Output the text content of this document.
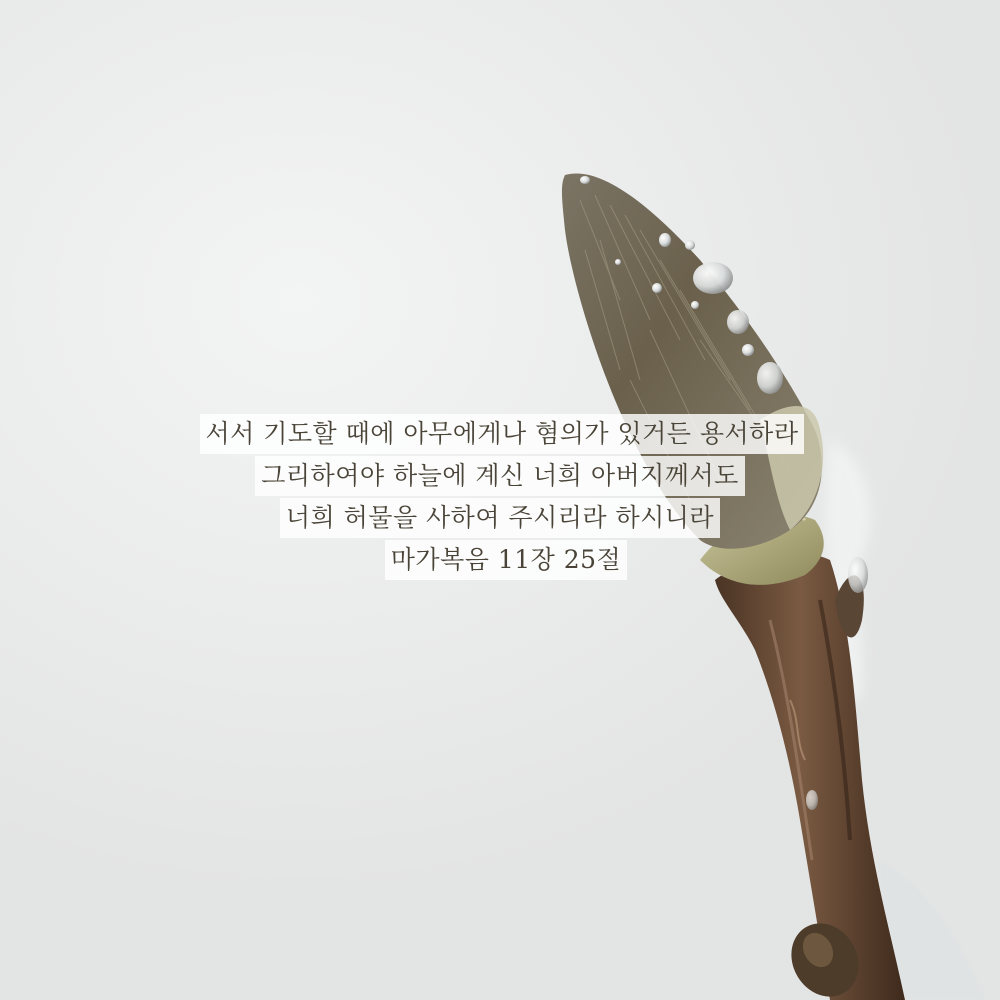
서서 기도할 때에 아무에게나 혐의가 있거든 용서하라
그리하여야 하늘에 계신 너희 아버지께서도
너희 허물을 사하여 주시리라 하시니라
마가복음 11장 25절
